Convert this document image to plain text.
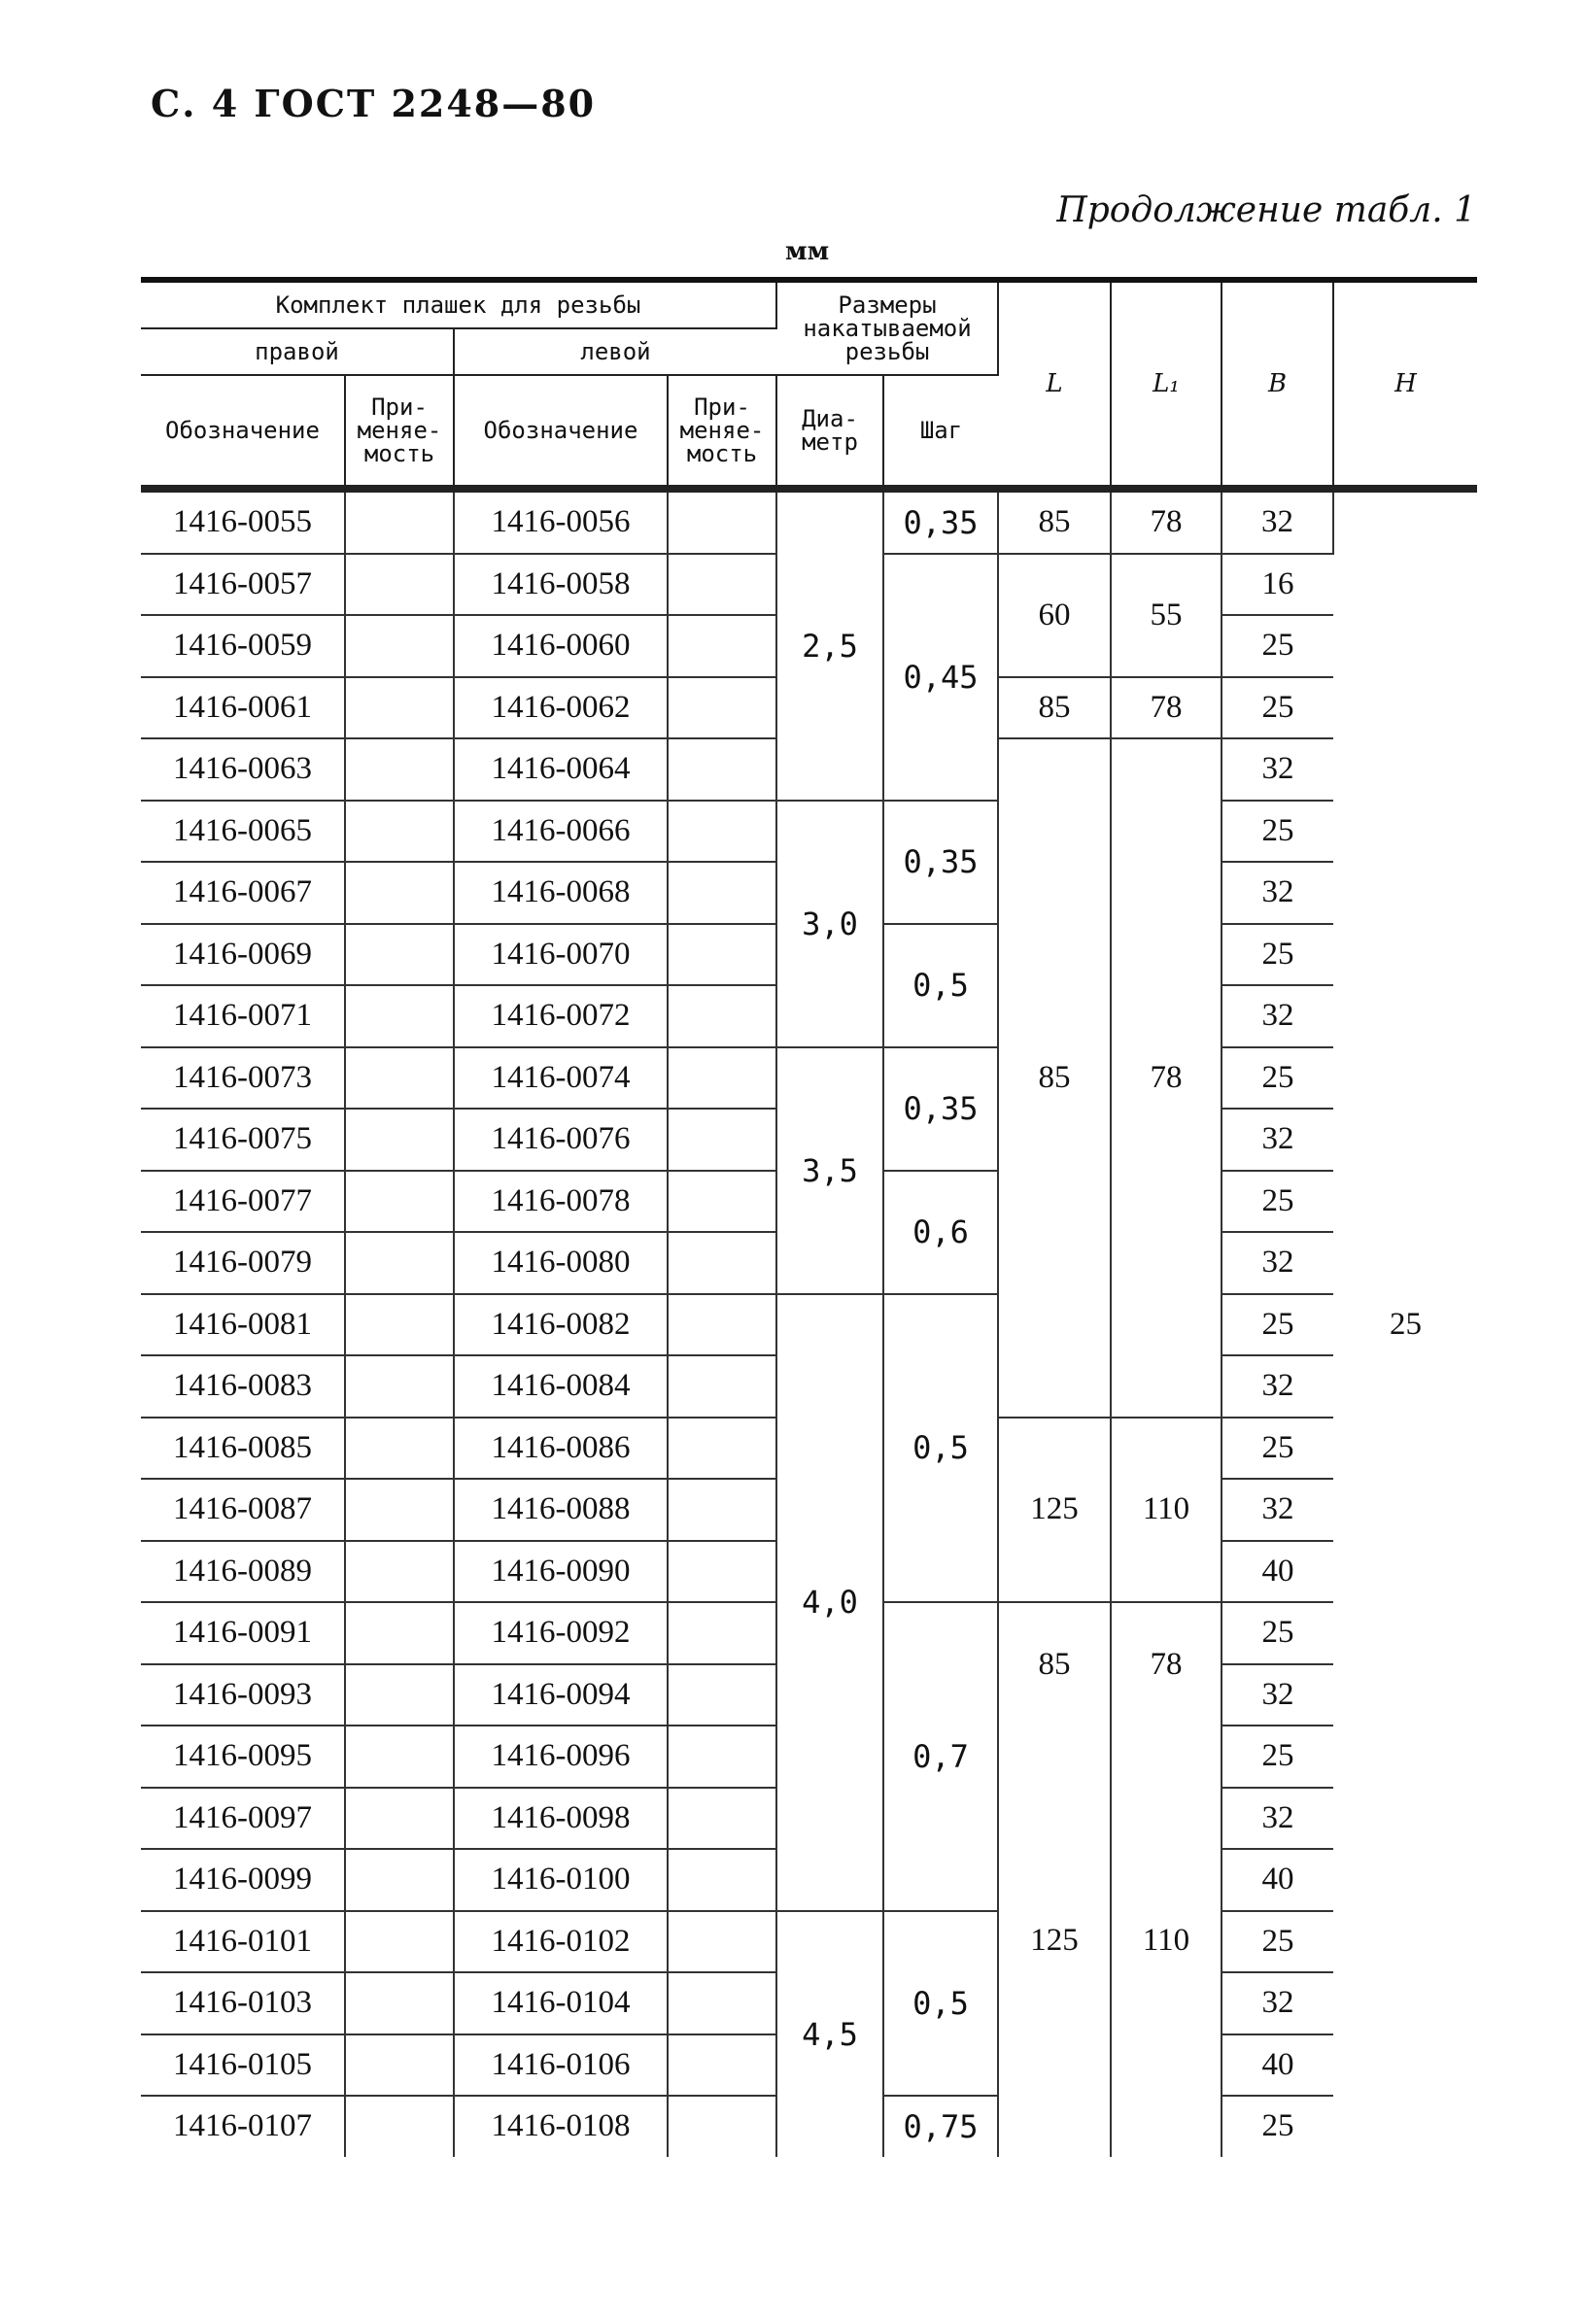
С. 4 ГОСТ 2248—80
Продолжение табл. 1
мм
Комплект плашек для резьбы				Размеры накатываемой резьбы		L	L₁	B	H
правой		левой							
Обозначение	При-меняе-мость	Обозначение	При-меняе-мость	Диа-метр	Шаг				

1416-0055		1416-0056		2,5	0,35	85	78	32	25
1416-0057		1416-0058			0,45	60	55	16	
1416-0059		1416-0060						25	
1416-0061		1416-0062				85	78	25	
1416-0063		1416-0064				85	78	32	
1416-0065		1416-0066		3,0	0,35			25	
1416-0067		1416-0068						32	
1416-0069		1416-0070			0,5			25	
1416-0071		1416-0072						32	
1416-0073		1416-0074		3,5	0,35			25	
1416-0075		1416-0076						32	
1416-0077		1416-0078			0,6			25	
1416-0079		1416-0080						32	
1416-0081		1416-0082		4,0	0,5			25	
1416-0083		1416-0084						32	
1416-0085		1416-0086				125	110	25	
1416-0087		1416-0088						32	
1416-0089		1416-0090						40	
1416-0091		1416-0092			0,7	85	78	25	
1416-0093		1416-0094						32	
1416-0095		1416-0096				125	110	25	
1416-0097		1416-0098						32	
1416-0099		1416-0100						40	
1416-0101		1416-0102		4,5	0,5			25	
1416-0103		1416-0104						32	
1416-0105		1416-0106						40	
1416-0107		1416-0108			0,75			25	
